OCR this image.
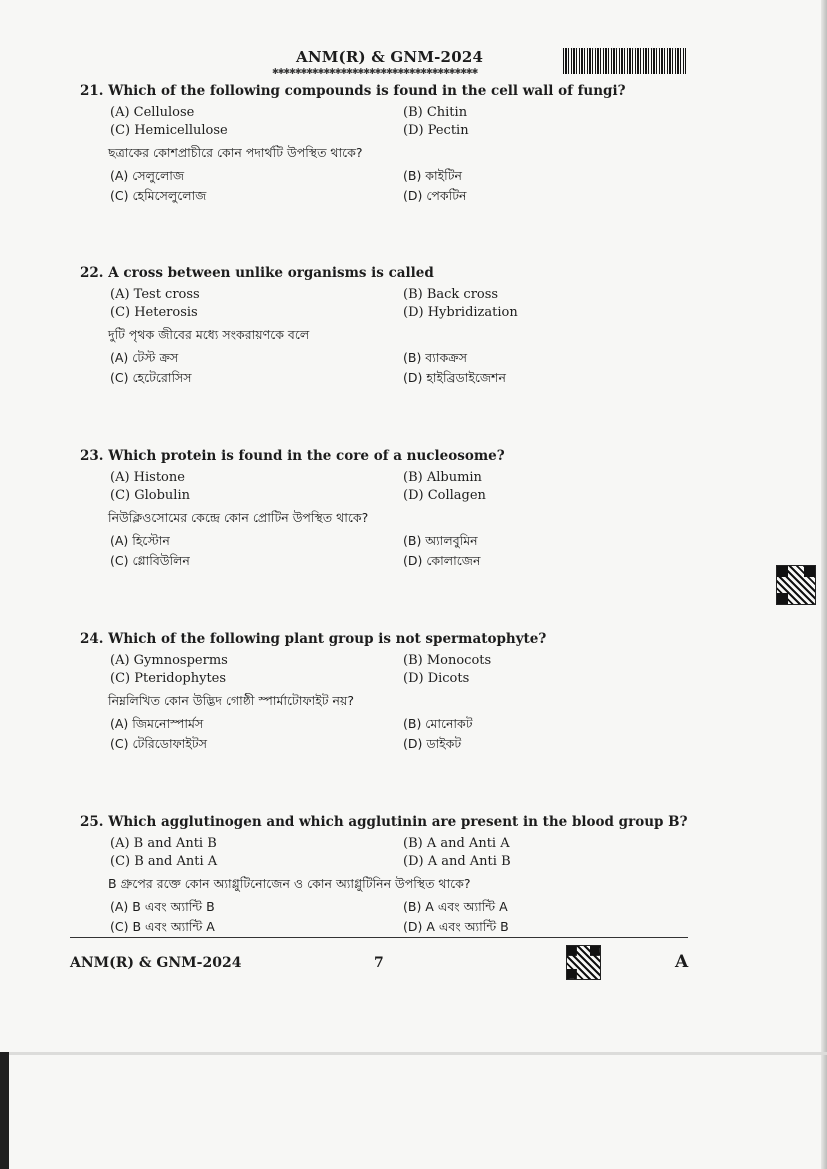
ANM(R) & GNM-2024
✱✱✱✱✱✱✱✱✱✱✱✱✱✱✱✱✱✱✱✱✱✱✱✱✱✱✱✱✱✱✱✱✱✱✱✱
21. Which of the following compounds is found in the cell wall of fungi?
(A) Cellulose	(B) Chitin
(C) Hemicellulose	(D) Pectin
ছত্রাকের কোশপ্রাচীরে কোন পদার্থটি উপস্থিত থাকে?
(A) সেলুলোজ	(B) কাইটিন
(C) হেমিসেলুলোজ	(D) পেকটিন
22. A cross between unlike organisms is called
(A) Test cross	(B) Back cross
(C) Heterosis	(D) Hybridization
দুটি পৃথক জীবের মধ্যে সংকরায়ণকে বলে
(A) টেস্ট ক্রস	(B) ব্যাকক্রস
(C) হেটেরোসিস	(D) হাইব্রিডাইজেশন
23. Which protein is found in the core of a nucleosome?
(A) Histone	(B) Albumin
(C) Globulin	(D) Collagen
নিউক্লিওসোমের কেন্দ্রে কোন প্রোটিন উপস্থিত থাকে?
(A) হিস্টোন	(B) অ্যালবুমিন
(C) গ্লোবিউলিন	(D) কোলাজেন
24. Which of the following plant group is not spermatophyte?
(A) Gymnosperms	(B) Monocots
(C) Pteridophytes	(D) Dicots
নিম্নলিখিত কোন উদ্ভিদ গোষ্ঠী স্পার্মাটোফাইট নয়?
(A) জিমনোস্পার্মস	(B) মোনোকট
(C) টেরিডোফাইটস	(D) ডাইকট
25. Which agglutinogen and which agglutinin are present in the blood group B?
(A) B and Anti B	(B) A and Anti A
(C) B and Anti A	(D) A and Anti B
B গ্রুপের রক্তে কোন অ্যাগ্লুটিনোজেন ও কোন অ্যাগ্লুটিনিন উপস্থিত থাকে?
(A) B এবং অ্যান্টি B	(B) A এবং অ্যান্টি A
(C) B এবং অ্যান্টি A	(D) A এবং অ্যান্টি B
ANM(R) & GNM-2024	7	A
